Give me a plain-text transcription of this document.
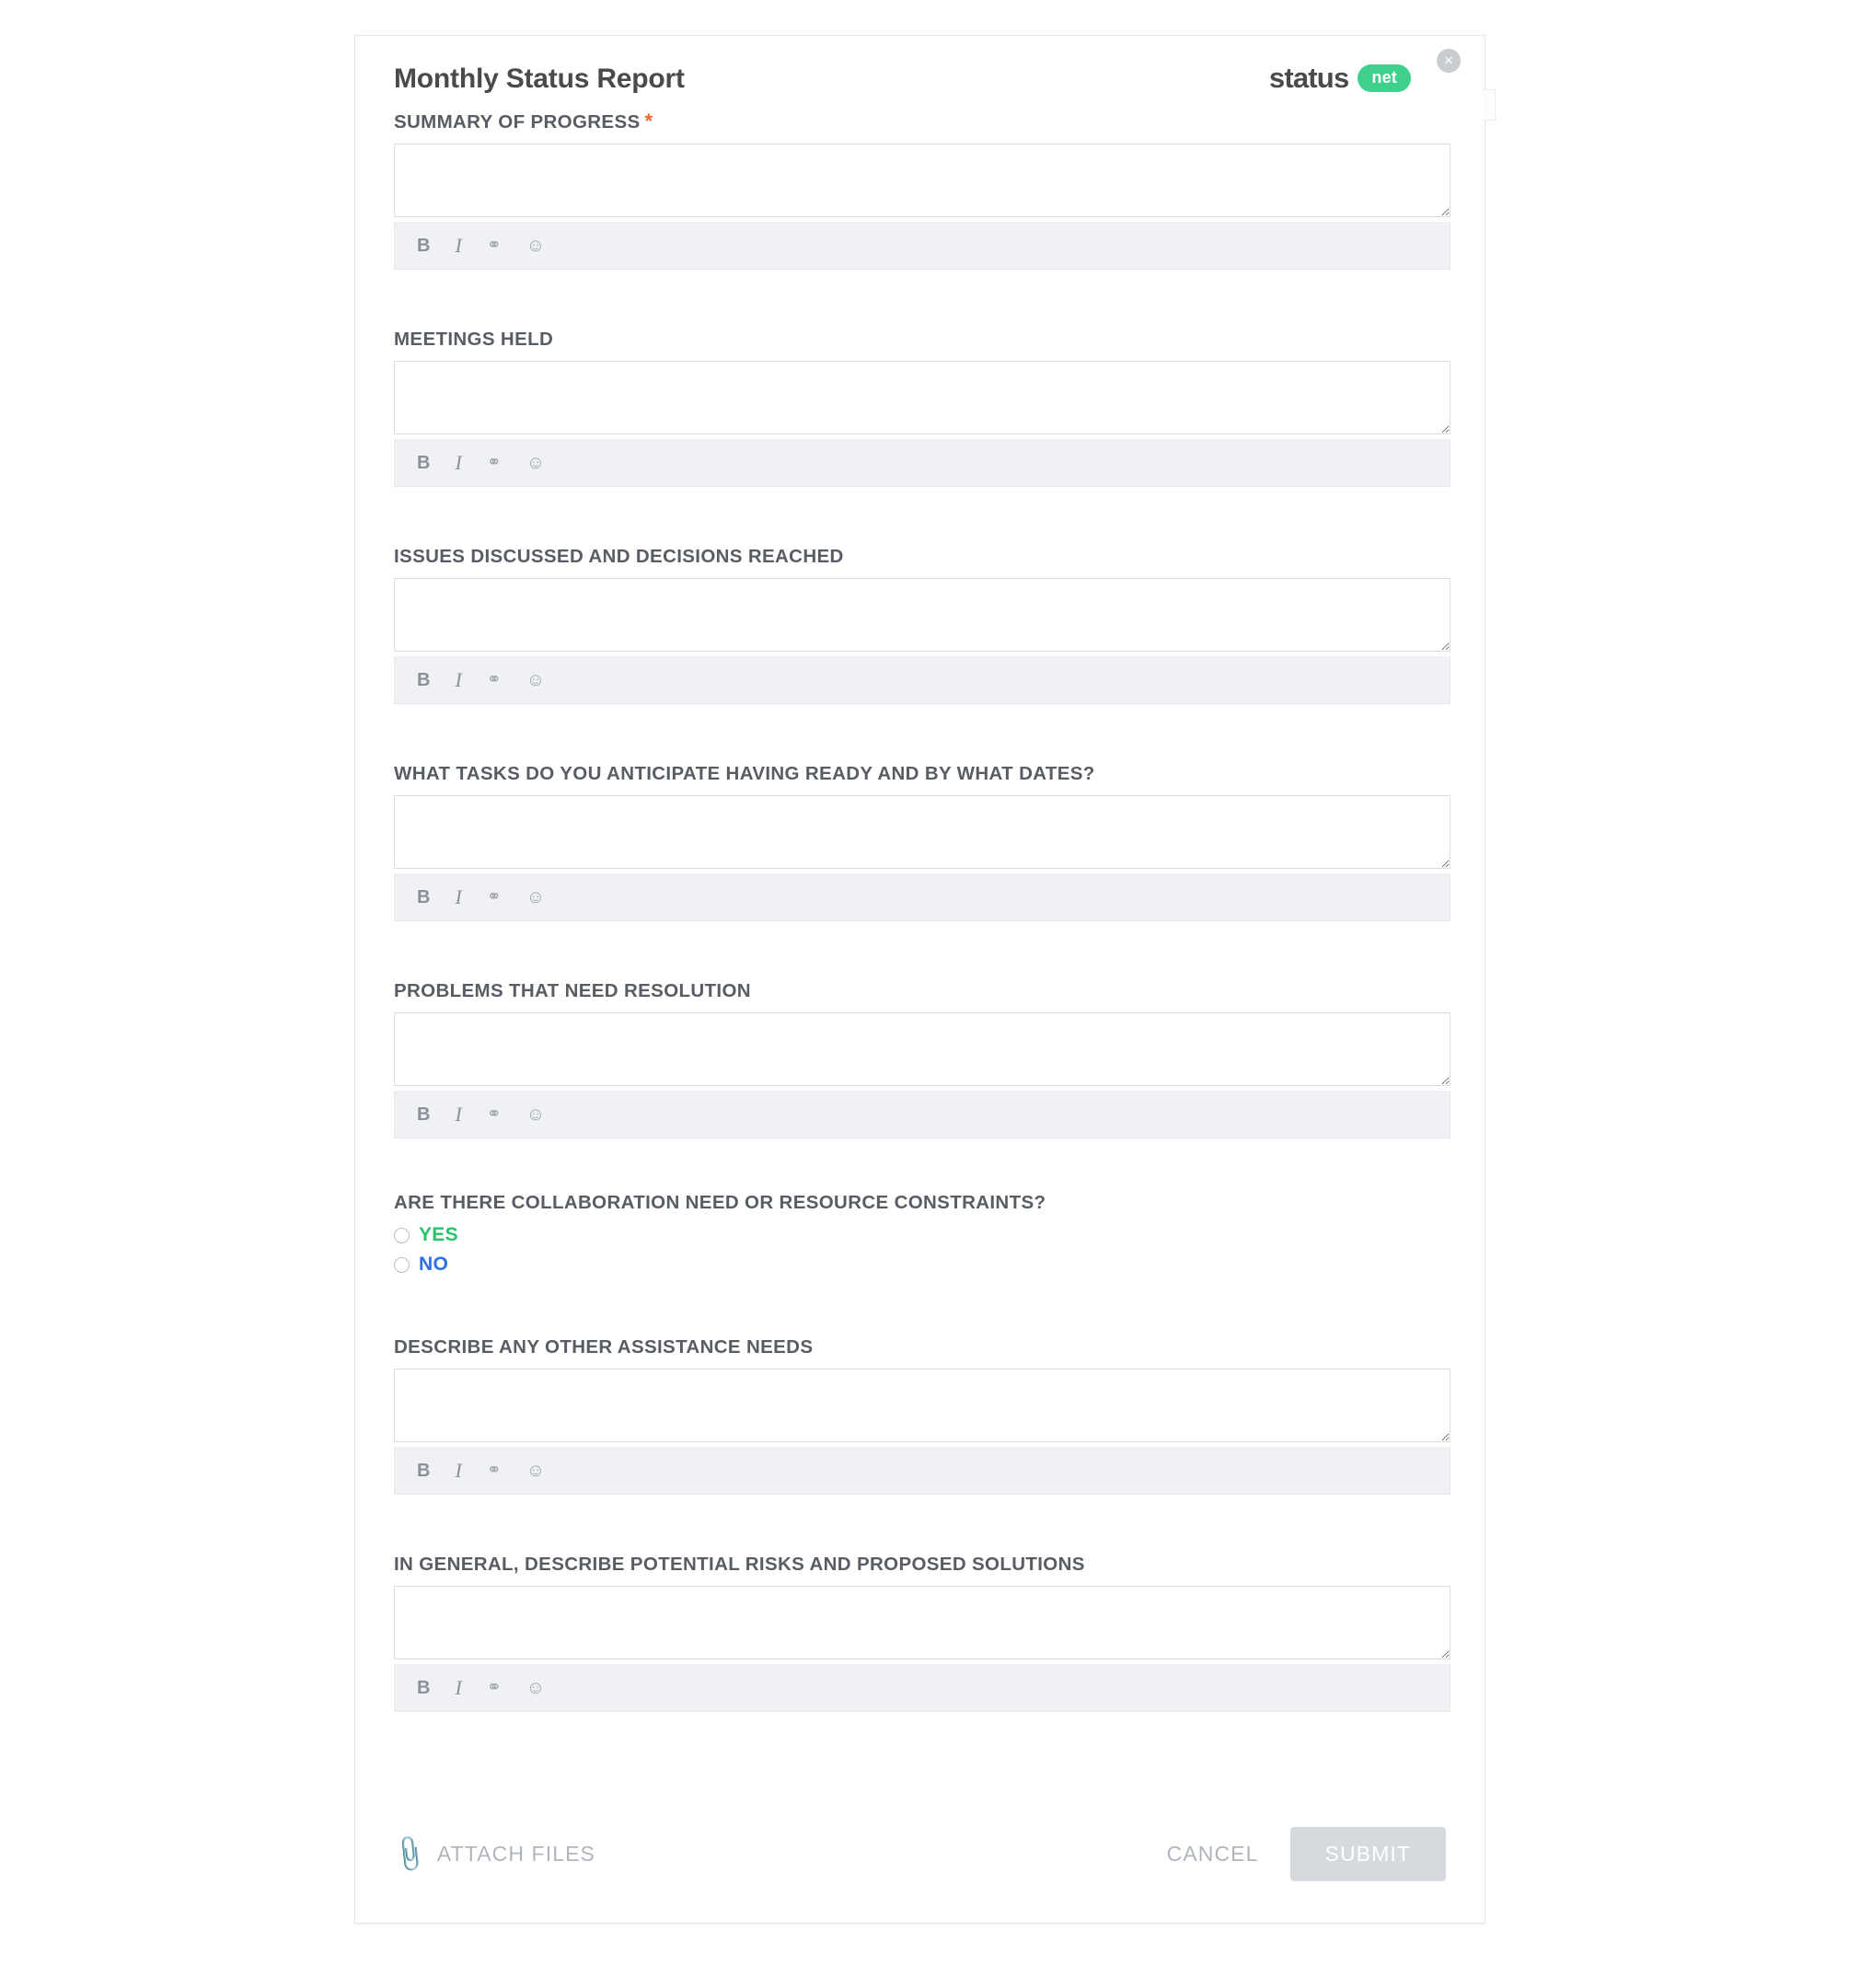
Monthly Status Report	status	net
×
SUMMARY OF PROGRESS *
B I ⚭ ☺
MEETINGS HELD
B I ⚭ ☺
ISSUES DISCUSSED AND DECISIONS REACHED
B I ⚭ ☺
WHAT TASKS DO YOU ANTICIPATE HAVING READY AND BY WHAT DATES?
B I ⚭ ☺
PROBLEMS THAT NEED RESOLUTION
B I ⚭ ☺
ARE THERE COLLABORATION NEED OR RESOURCE CONSTRAINTS?
YES
NO
DESCRIBE ANY OTHER ASSISTANCE NEEDS
B I ⚭ ☺
IN GENERAL, DESCRIBE POTENTIAL RISKS AND PROPOSED SOLUTIONS
B I ⚭ ☺
📎 ATTACH FILES	CANCEL	SUBMIT
